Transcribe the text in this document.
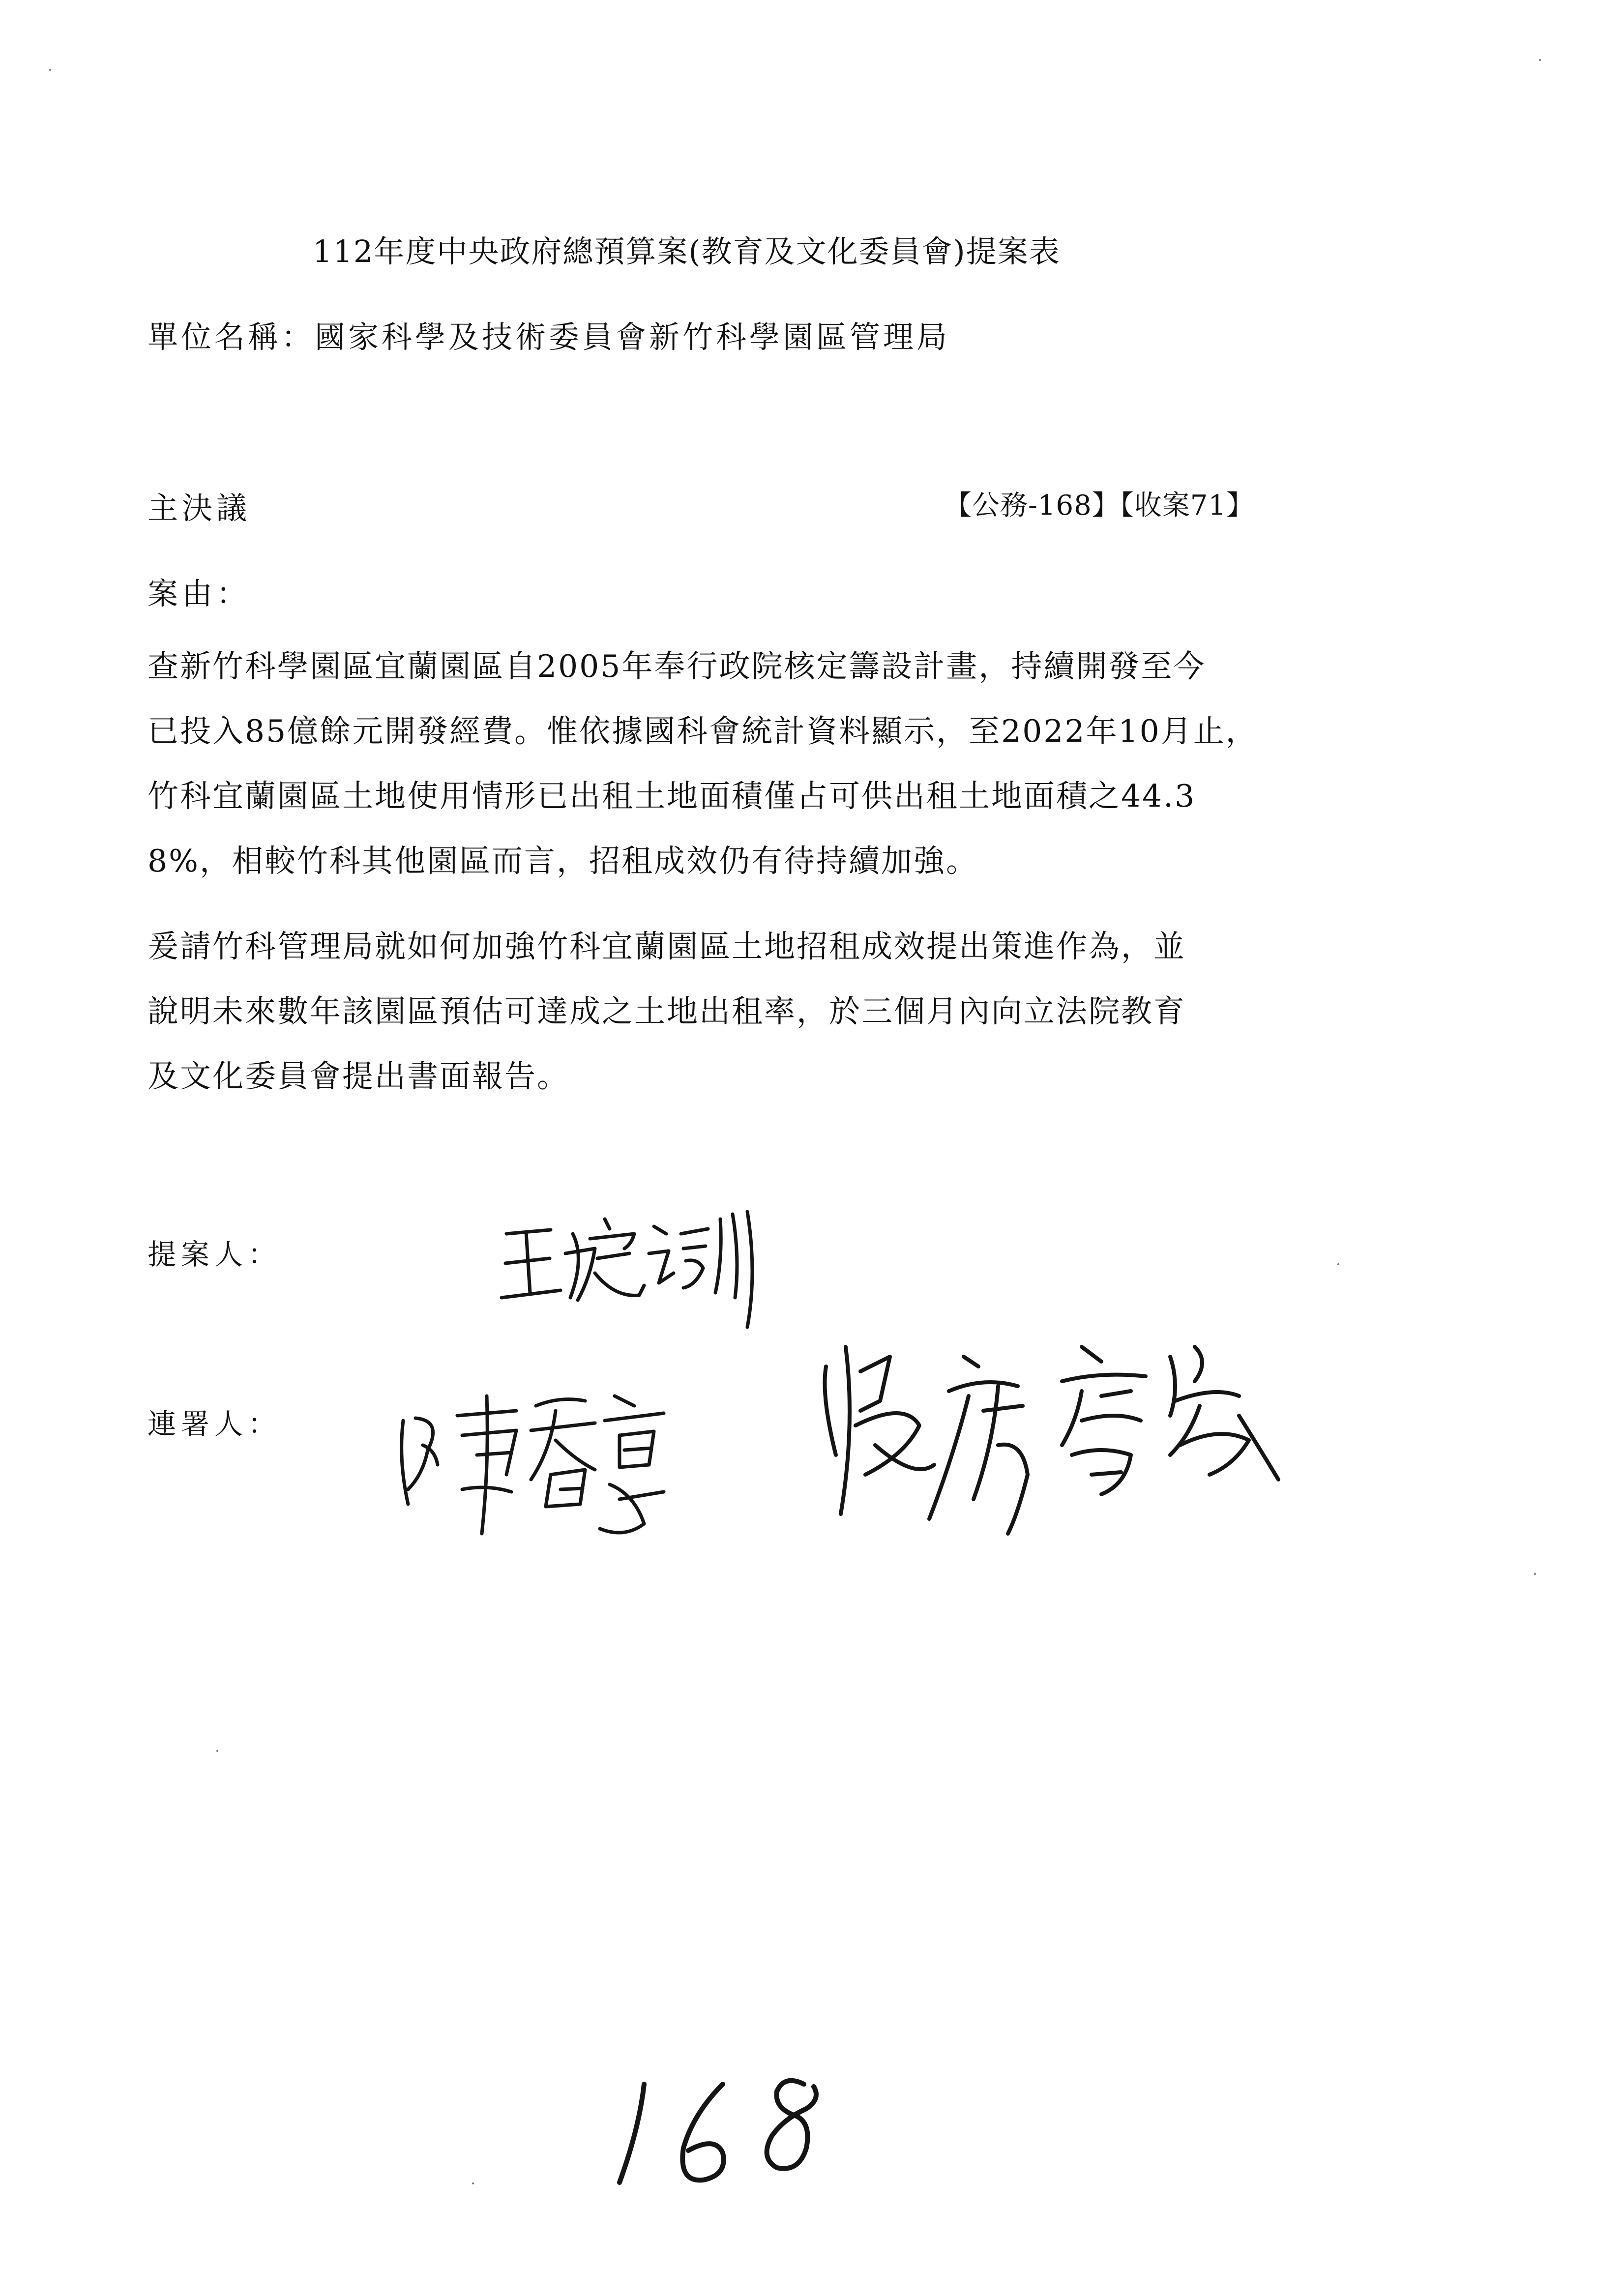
112年度中央政府總預算案(教育及文化委員會)提案表
單位名稱：國家科學及技術委員會新竹科學園區管理局
主決議	【公務-168】【收案71】
案由：
查新竹科學園區宜蘭園區自2005年奉行政院核定籌設計畫，持續開發至今
已投入85億餘元開發經費。惟依據國科會統計資料顯示，至2022年10月止，
竹科宜蘭園區土地使用情形已出租土地面積僅占可供出租土地面積之44.3
8%，相較竹科其他園區而言，招租成效仍有待持續加強。
爰請竹科管理局就如何加強竹科宜蘭園區土地招租成效提出策進作為，並
說明未來數年該園區預估可達成之土地出租率，於三個月內向立法院教育
及文化委員會提出書面報告。
提案人：
連署人：
